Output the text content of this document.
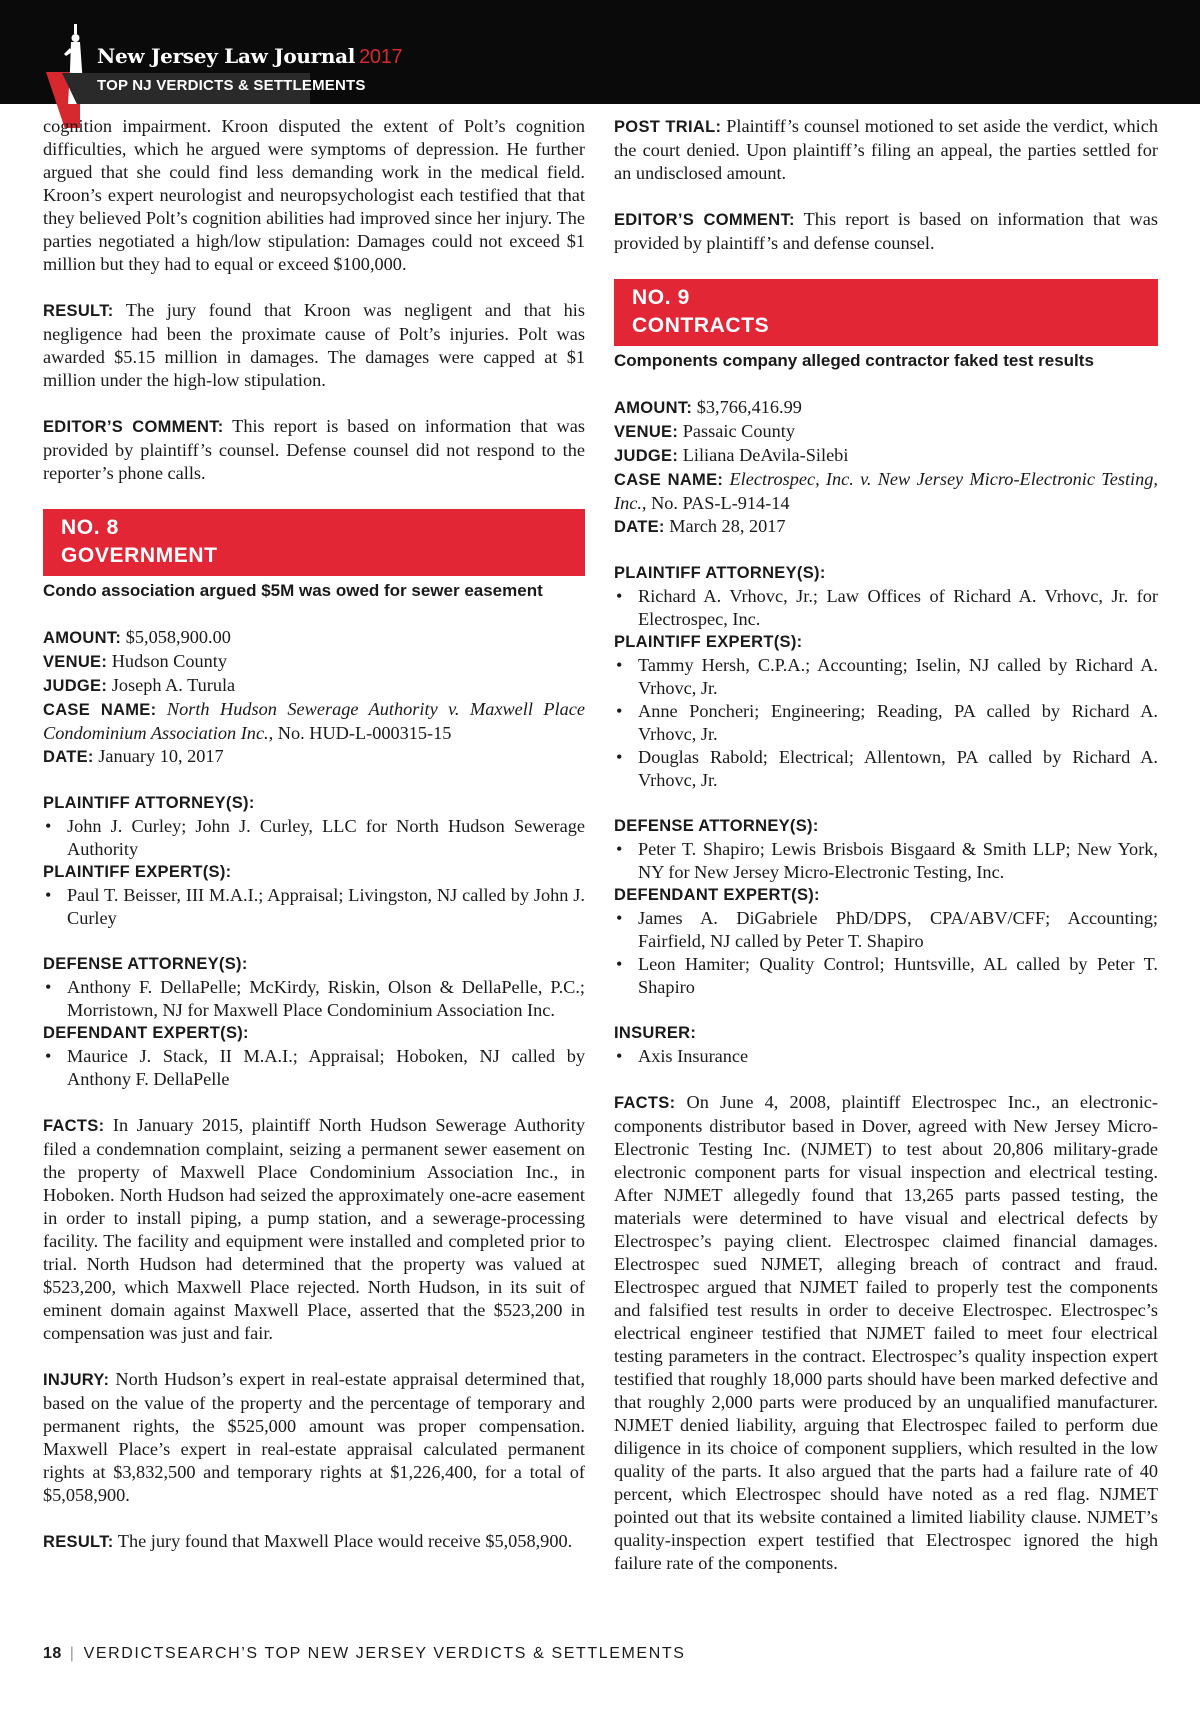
New Jersey Law Journal 2017
TOP NJ VERDICTS & SETTLEMENTS

cognition impairment. Kroon disputed the extent of Polt’s cognition difficulties, which he argued were symptoms of depression. He further argued that she could find less demanding work in the medical field. Kroon’s expert neurologist and neuropsychologist each testified that that they believed Polt’s cognition abilities had improved since her injury. The parties negotiated a high/low stipulation: Damages could not exceed $1 million but they had to equal or exceed $100,000.

RESULT: The jury found that Kroon was negligent and that his negligence had been the proximate cause of Polt’s injuries. Polt was awarded $5.15 million in damages. The damages were capped at $1 million under the high-low stipulation.

EDITOR’S COMMENT: This report is based on information that was provided by plaintiff’s counsel. Defense counsel did not respond to the reporter’s phone calls.

NO. 8
GOVERNMENT
Condo association argued $5M was owed for sewer easement

AMOUNT: $5,058,900.00

VENUE: Hudson County

JUDGE: Joseph A. Turula

CASE NAME: North Hudson Sewerage Authority v. Maxwell Place Condominium Association Inc., No. HUD-L-000315-15

DATE: January 10, 2017

PLAINTIFF ATTORNEY(S):
• John J. Curley; John J. Curley, LLC for North Hudson Sewerage Authority
PLAINTIFF EXPERT(S):
• Paul T. Beisser, III M.A.I.; Appraisal; Livingston, NJ called by John J. Curley
DEFENSE ATTORNEY(S):
• Anthony F. DellaPelle; McKirdy, Riskin, Olson & DellaPelle, P.C.; Morristown, NJ for Maxwell Place Condominium Association Inc.
DEFENDANT EXPERT(S):
• Maurice J. Stack, II M.A.I.; Appraisal; Hoboken, NJ called by Anthony F. DellaPelle

FACTS: In January 2015, plaintiff North Hudson Sewerage Authority filed a condemnation complaint, seizing a permanent sewer easement on the property of Maxwell Place Condominium Association Inc., in Hoboken. North Hudson had seized the approximately one-acre easement in order to install piping, a pump station, and a sewerage-processing facility. The facility and equipment were installed and completed prior to trial. North Hudson had determined that the property was valued at $523,200, which Maxwell Place rejected. North Hudson, in its suit of eminent domain against Maxwell Place, asserted that the $523,200 in compensation was just and fair.

INJURY: North Hudson’s expert in real-estate appraisal determined that, based on the value of the property and the percentage of temporary and permanent rights, the $525,000 amount was proper compensation. Maxwell Place’s expert in real-estate appraisal calculated permanent rights at $3,832,500 and temporary rights at $1,226,400, for a total of $5,058,900.

RESULT: The jury found that Maxwell Place would receive $5,058,900.

POST TRIAL: Plaintiff’s counsel motioned to set aside the verdict, which the court denied. Upon plaintiff’s filing an appeal, the parties settled for an undisclosed amount.

EDITOR’S COMMENT: This report is based on information that was provided by plaintiff’s and defense counsel.

NO. 9
CONTRACTS
Components company alleged contractor faked test results

AMOUNT: $3,766,416.99

VENUE: Passaic County

JUDGE: Liliana DeAvila-Silebi

CASE NAME: Electrospec, Inc. v. New Jersey Micro-Electronic Testing, Inc., No. PAS-L-914-14

DATE: March 28, 2017

PLAINTIFF ATTORNEY(S):
• Richard A. Vrhovc, Jr.; Law Offices of Richard A. Vrhovc, Jr. for Electrospec, Inc.
PLAINTIFF EXPERT(S):
• Tammy Hersh, C.P.A.; Accounting; Iselin, NJ called by Richard A. Vrhovc, Jr.
• Anne Poncheri; Engineering; Reading, PA called by Richard A. Vrhovc, Jr.
• Douglas Rabold; Electrical; Allentown, PA called by Richard A. Vrhovc, Jr.
DEFENSE ATTORNEY(S):
• Peter T. Shapiro; Lewis Brisbois Bisgaard & Smith LLP; New York, NY for New Jersey Micro-Electronic Testing, Inc.
DEFENDANT EXPERT(S):
• James A. DiGabriele PhD/DPS, CPA/ABV/CFF; Accounting; Fairfield, NJ called by Peter T. Shapiro
• Leon Hamiter; Quality Control; Huntsville, AL called by Peter T. Shapiro
INSURER:
• Axis Insurance

FACTS: On June 4, 2008, plaintiff Electrospec Inc., an electronic-components distributor based in Dover, agreed with New Jersey Micro-Electronic Testing Inc. (NJMET) to test about 20,806 military-grade electronic component parts for visual inspection and electrical testing. After NJMET allegedly found that 13,265 parts passed testing, the materials were determined to have visual and electrical defects by Electrospec’s paying client. Electrospec claimed financial damages. Electrospec sued NJMET, alleging breach of contract and fraud. Electrospec argued that NJMET failed to properly test the components and falsified test results in order to deceive Electrospec. Electrospec’s electrical engineer testified that NJMET failed to meet four electrical testing parameters in the contract. Electrospec’s quality inspection expert testified that roughly 18,000 parts should have been marked defective and that roughly 2,000 parts were produced by an unqualified manufacturer. NJMET denied liability, arguing that Electrospec failed to perform due diligence in its choice of component suppliers, which resulted in the low quality of the parts. It also argued that the parts had a failure rate of 40 percent, which Electrospec should have noted as a red flag. NJMET pointed out that its website contained a limited liability clause. NJMET’s quality-inspection expert testified that Electrospec ignored the high failure rate of the components.

18 | VERDICTSEARCH’S TOP NEW JERSEY VERDICTS & SETTLEMENTS
